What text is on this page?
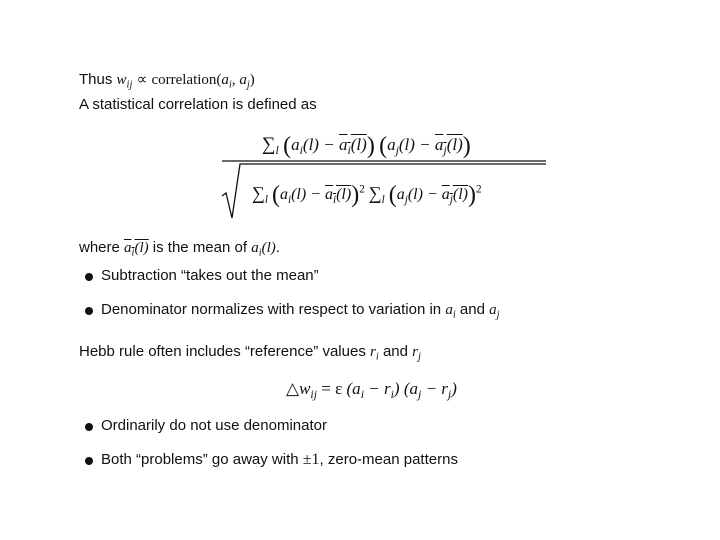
Thus $w_{ij}$ ∝ $correlation(a_i$, $a_j$)
A statistical correlation is defined as
$\sum_l$ $(a_i(l) - a_i(l)) (a_j(l) - a_j(l))$
$\sum_l$ $(a_i(l) - a_i(l))^2$ $\sum_l$ $(a_j(l) - a_j(l))^2$
where $a_i(l)$ is the mean of $a_i(l)$.
Subtraction “takes out the mean”
Denominator normalizes with respect to variation in $a_i$ and $a_j$
Hebb rule often includes “reference” values $r_i$ and $r_j$
$\triangle w_{ij} = \varepsilon$ $(a_i - r_i) (a_j - r_j)$
Ordinarily do not use denominator
Both “problems” go away with ±1, zero-mean patterns
